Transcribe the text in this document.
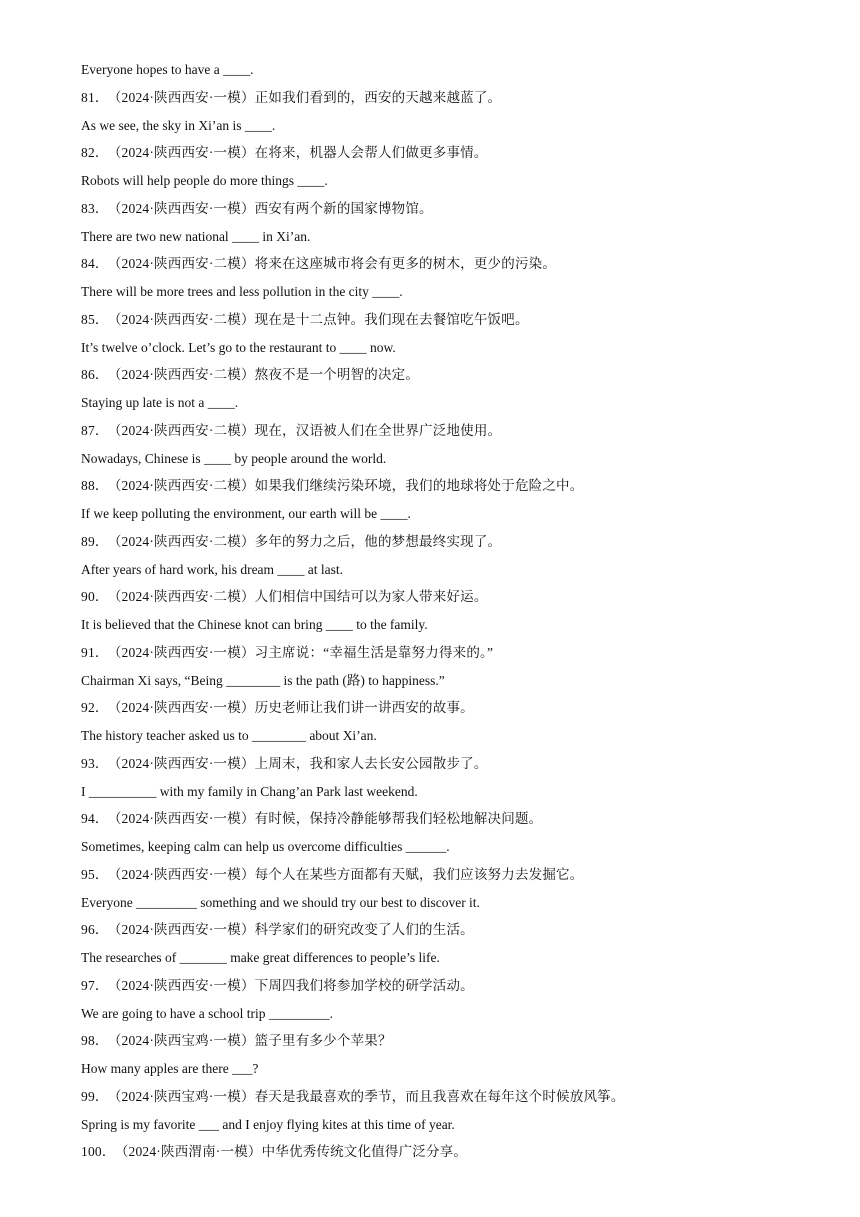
Everyone hopes to have a ____.
81． （2024·陕西西安·一模）正如我们看到的，西安的天越来越蓝了。
As we see, the sky in Xi’an is ____.
82． （2024·陕西西安·一模）在将来，机器人会帮人们做更多事情。
Robots will help people do more things ____.
83． （2024·陕西西安·一模）西安有两个新的国家博物馆。
There are two new national ____ in Xi’an.
84． （2024·陕西西安·二模）将来在这座城市将会有更多的树木，更少的污染。
There will be more trees and less pollution in the city ____.
85． （2024·陕西西安·二模）现在是十二点钟。我们现在去餐馆吃午饭吧。
It’s twelve o’clock. Let’s go to the restaurant to ____ now.
86． （2024·陕西西安·二模）熬夜不是一个明智的决定。
Staying up late is not a ____.
87． （2024·陕西西安·二模）现在，汉语被人们在全世界广泛地使用。
Nowadays, Chinese is ____ by people around the world.
88． （2024·陕西西安·二模）如果我们继续污染环境，我们的地球将处于危险之中。
If we keep polluting the environment, our earth will be ____.
89． （2024·陕西西安·二模）多年的努力之后，他的梦想最终实现了。
After years of hard work, his dream ____ at last.
90． （2024·陕西西安·二模）人们相信中国结可以为家人带来好运。
It is believed that the Chinese knot can bring ____ to the family.
91． （2024·陕西西安·一模）习主席说：“幸福生活是靠努力得来的。”
Chairman Xi says, “Being ________ is the path (路) to happiness.”
92． （2024·陕西西安·一模）历史老师让我们讲一讲西安的故事。
The history teacher asked us to ________ about Xi’an.
93． （2024·陕西西安·一模）上周末，我和家人去长安公园散步了。
I __________ with my family in Chang’an Park last weekend.
94． （2024·陕西西安·一模）有时候，保持冷静能够帮我们轻松地解决问题。
Sometimes, keeping calm can help us overcome difficulties ______.
95． （2024·陕西西安·一模）每个人在某些方面都有天赋，我们应该努力去发掘它。
Everyone _________ something and we should try our best to discover it.
96． （2024·陕西西安·一模）科学家们的研究改变了人们的生活。
The researches of _______ make great differences to people’s life.
97． （2024·陕西西安·一模）下周四我们将参加学校的研学活动。
We are going to have a school trip _________.
98． （2024·陕西宝鸡·一模）篮子里有多少个苹果？
How many apples are there ___?
99． （2024·陕西宝鸡·一模）春天是我最喜欢的季节，而且我喜欢在每年这个时候放风筝。
Spring is my favorite ___ and I enjoy flying kites at this time of year.
100． （2024·陕西渭南·一模）中华优秀传统文化值得广泛分享。
